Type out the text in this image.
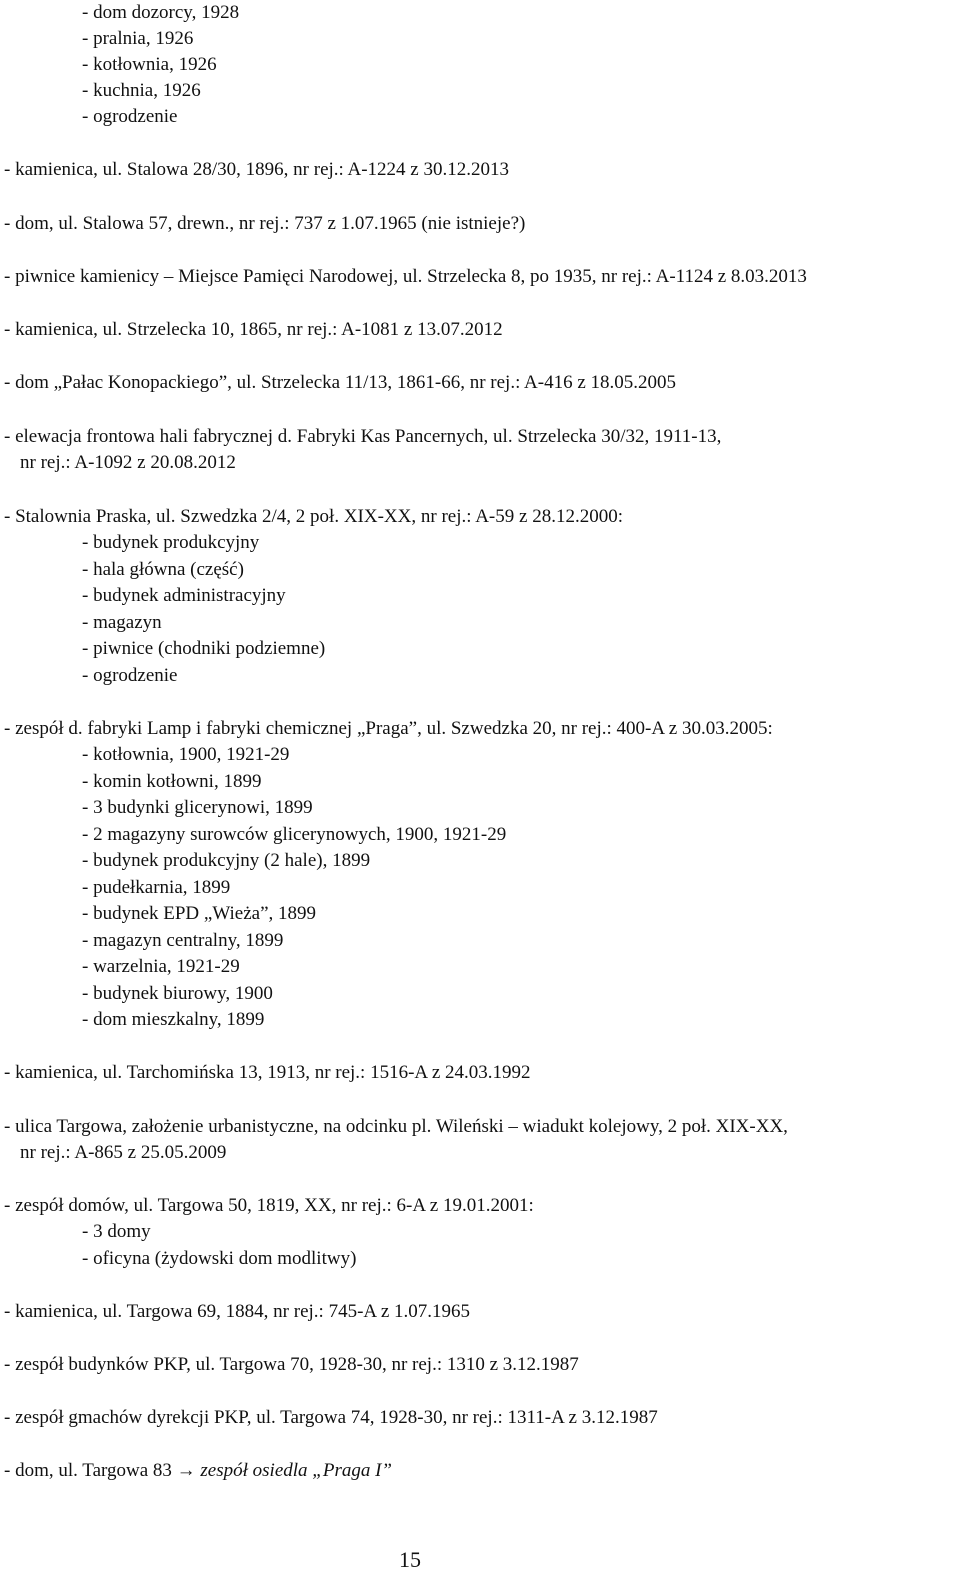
- dom dozorcy, 1928
- pralnia, 1926
- kotłownia, 1926
- kuchnia, 1926
- ogrodzenie
- kamienica, ul. Stalowa 28/30, 1896, nr rej.: A-1224 z 30.12.2013
- dom, ul. Stalowa 57, drewn., nr rej.: 737 z 1.07.1965 (nie istnieje?)
- piwnice kamienicy – Miejsce Pamięci Narodowej, ul. Strzelecka 8, po 1935, nr rej.: A-1124 z 8.03.2013
- kamienica, ul. Strzelecka 10, 1865, nr rej.: A-1081 z 13.07.2012
- dom „Pałac Konopackiego”, ul. Strzelecka 11/13, 1861-66, nr rej.: A-416 z 18.05.2005
- elewacja frontowa hali fabrycznej d. Fabryki Kas Pancernych, ul. Strzelecka 30/32, 1911-13,
nr rej.: A-1092 z 20.08.2012
- Stalownia Praska, ul. Szwedzka 2/4, 2 poł. XIX-XX, nr rej.: A-59 z 28.12.2000:
- budynek produkcyjny
- hala główna (część)
- budynek administracyjny
- magazyn
- piwnice (chodniki podziemne)
- ogrodzenie
- zespół d. fabryki Lamp i fabryki chemicznej „Praga”, ul. Szwedzka 20, nr rej.: 400-A z 30.03.2005:
- kotłownia, 1900, 1921-29
- komin kotłowni, 1899
- 3 budynki glicerynowi, 1899
- 2 magazyny surowców glicerynowych, 1900, 1921-29
- budynek produkcyjny (2 hale), 1899
- pudełkarnia, 1899
- budynek EPD „Wieża”, 1899
- magazyn centralny, 1899
- warzelnia, 1921-29
- budynek biurowy, 1900
- dom mieszkalny, 1899
- kamienica, ul. Tarchomińska 13, 1913, nr rej.: 1516-A z 24.03.1992
- ulica Targowa, założenie urbanistyczne, na odcinku pl. Wileński – wiadukt kolejowy, 2 poł. XIX-XX,
nr rej.: A-865 z 25.05.2009
- zespół domów, ul. Targowa 50, 1819, XX, nr rej.: 6-A z 19.01.2001:
- 3 domy
- oficyna (żydowski dom modlitwy)
- kamienica, ul. Targowa 69, 1884, nr rej.: 745-A z 1.07.1965
- zespół budynków PKP, ul. Targowa 70, 1928-30, nr rej.: 1310 z 3.12.1987
- zespół gmachów dyrekcji PKP, ul. Targowa 74, 1928-30, nr rej.: 1311-A z 3.12.1987
- dom, ul. Targowa 83 → zespół osiedla „Praga I”
15
